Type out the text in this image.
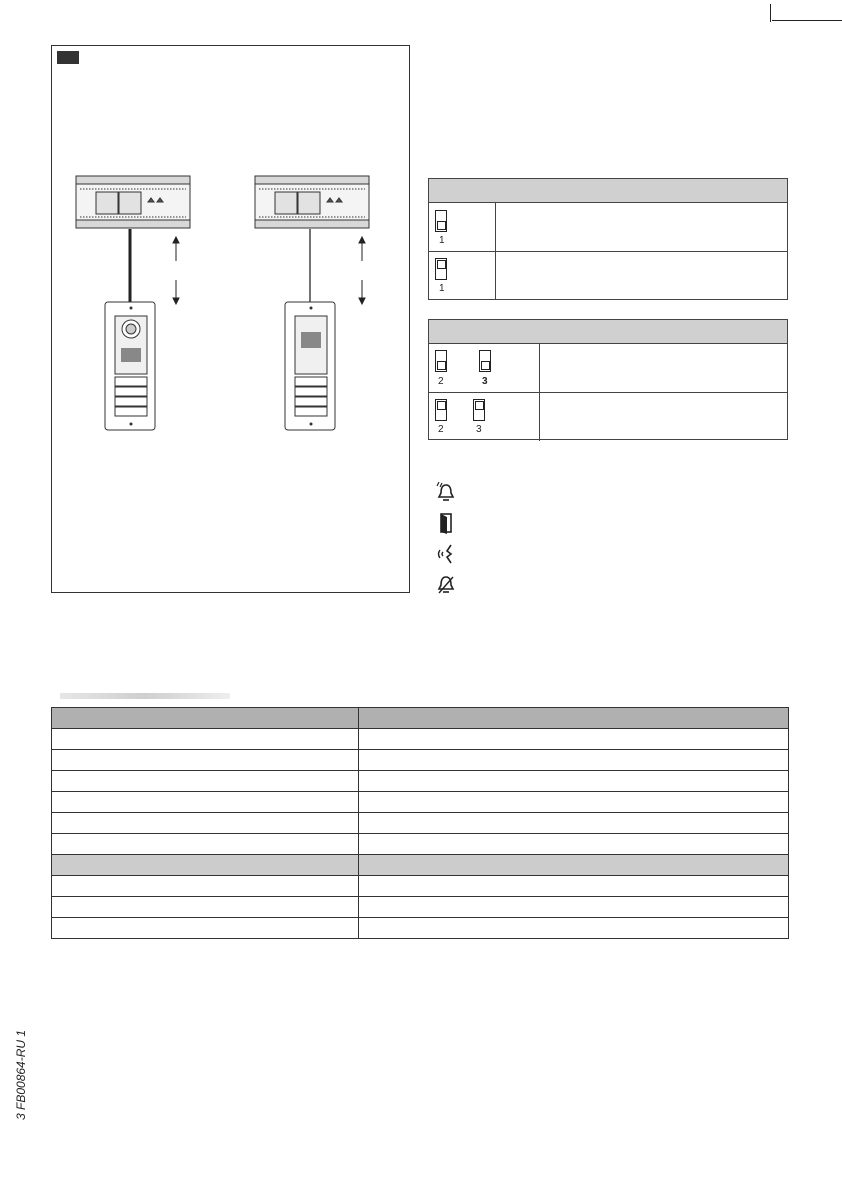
1
1
2	3
2	3

3 FB00864-RU 1
